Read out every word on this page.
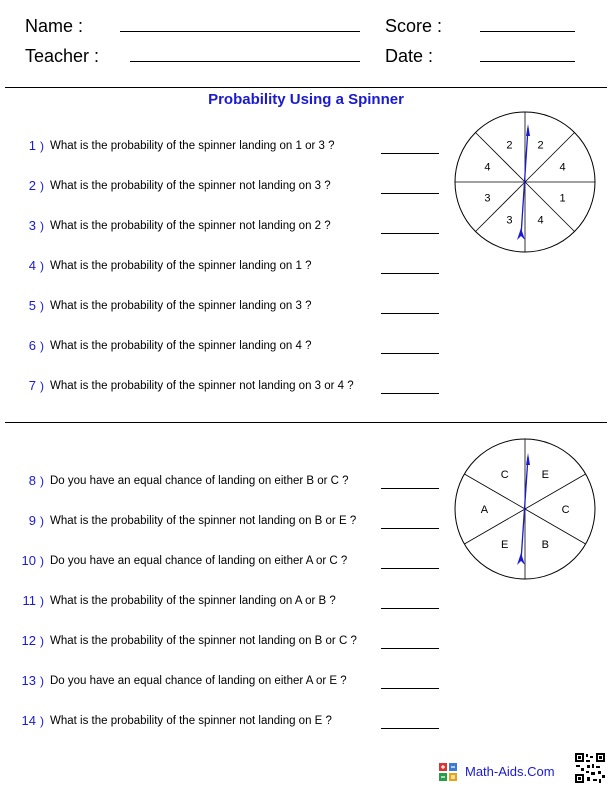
Name :
Teacher :
Score :
Date :
Probability Using a Spinner
1 ) What is the probability of the spinner landing on 1 or 3 ?
2 ) What is the probability of the spinner not landing on 3 ?
3 ) What is the probability of the spinner not landing on 2 ?
4 ) What is the probability of the spinner landing on 1 ?
5 ) What is the probability of the spinner landing on 3 ?
6 ) What is the probability of the spinner landing on 4 ?
7 ) What is the probability of the spinner not landing on 3 or 4 ?
8 ) Do you have an equal chance of landing on either B or C ?
9 ) What is the probability of the spinner not landing on B or E ?
10 ) Do you have an equal chance of landing on either A or C ?
11 ) What is the probability of the spinner landing on A or B ?
12 ) What is the probability of the spinner not landing on B or C ?
13 ) Do you have an equal chance of landing on either A or E ?
14 ) What is the probability of the spinner not landing on E ?
2
4
1
4
3
3
4
2
E
C
B
E
A
C
Math-Aids.Com
